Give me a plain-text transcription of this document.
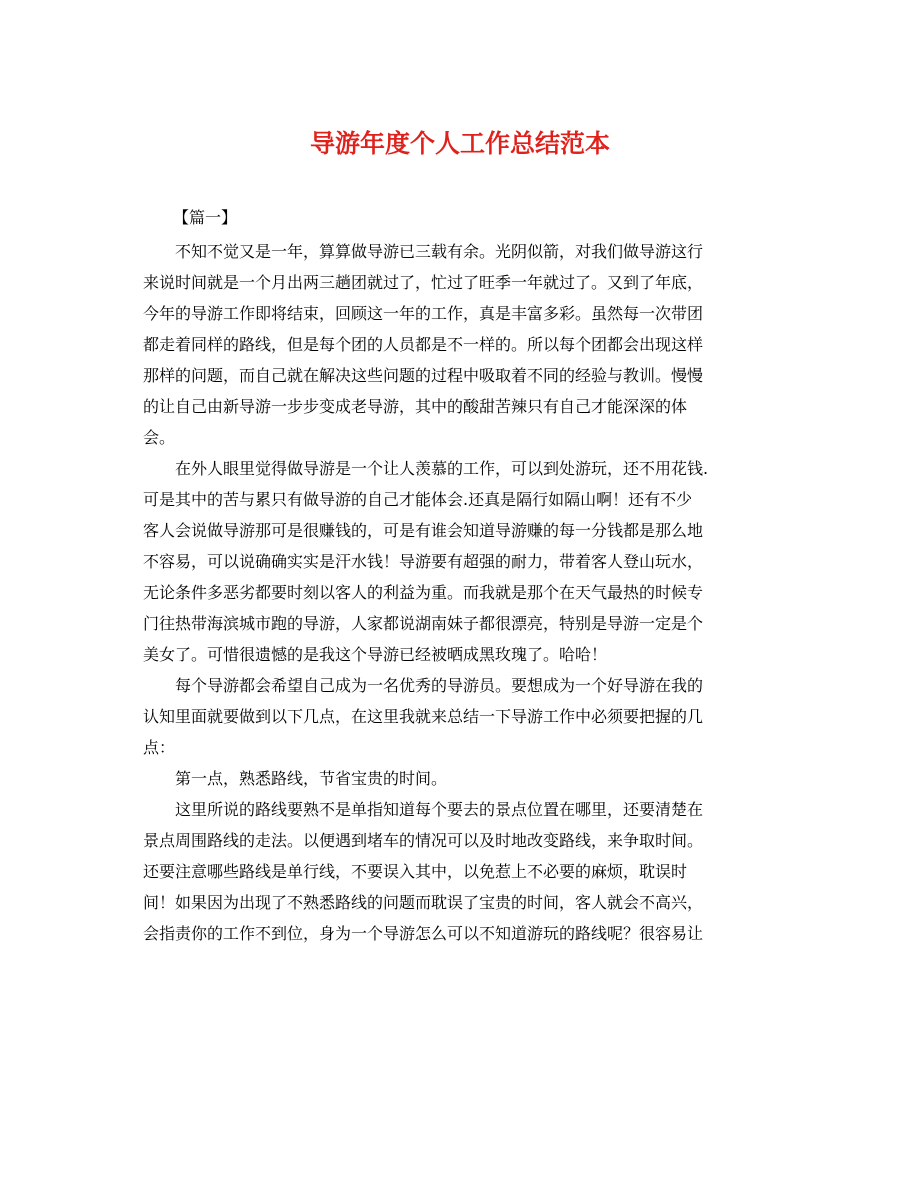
导游年度个人工作总结范本

【篇一】

不知不觉又是一年，算算做导游已三载有余。光阴似箭，对我们做导游这行
来说时间就是一个月出两三趟团就过了，忙过了旺季一年就过了。又到了年底，
今年的导游工作即将结束，回顾这一年的工作，真是丰富多彩。虽然每一次带团
都走着同样的路线，但是每个团的人员都是不一样的。所以每个团都会出现这样
那样的问题，而自己就在解决这些问题的过程中吸取着不同的经验与教训。慢慢
的让自己由新导游一步步变成老导游，其中的酸甜苦辣只有自己才能深深的体
会。

在外人眼里觉得做导游是一个让人羡慕的工作，可以到处游玩，还不用花钱.
可是其中的苦与累只有做导游的自己才能体会.还真是隔行如隔山啊！还有不少
客人会说做导游那可是很赚钱的，可是有谁会知道导游赚的每一分钱都是那么地
不容易，可以说确确实实是汗水钱！导游要有超强的耐力，带着客人登山玩水，
无论条件多恶劣都要时刻以客人的利益为重。而我就是那个在天气最热的时候专
门往热带海滨城市跑的导游，人家都说湖南妹子都很漂亮，特别是导游一定是个
美女了。可惜很遗憾的是我这个导游已经被晒成黑玫瑰了。哈哈！

每个导游都会希望自己成为一名优秀的导游员。要想成为一个好导游在我的
认知里面就要做到以下几点，在这里我就来总结一下导游工作中必须要把握的几
点：

第一点，熟悉路线，节省宝贵的时间。

这里所说的路线要熟不是单指知道每个要去的景点位置在哪里，还要清楚在
景点周围路线的走法。以便遇到堵车的情况可以及时地改变路线，来争取时间。
还要注意哪些路线是单行线，不要误入其中，以免惹上不必要的麻烦，耽误时
间！如果因为出现了不熟悉路线的问题而耽误了宝贵的时间，客人就会不高兴，
会指责你的工作不到位，身为一个导游怎么可以不知道游玩的路线呢？很容易让
